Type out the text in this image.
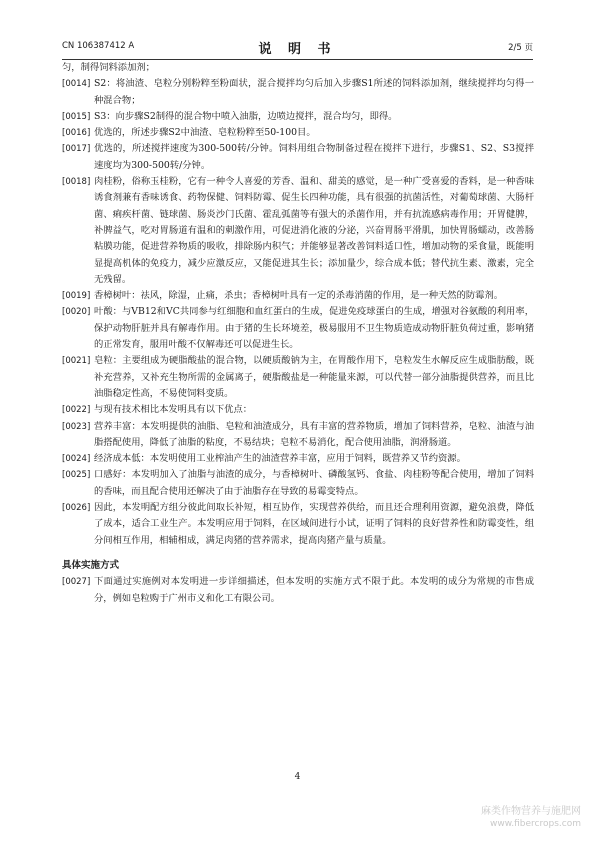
CN 106387412 A	说 明 书	2/5 页
匀，制得饲料添加剂；
[0014] S2：将油渣、皂粒分别粉粹至粉面状，混合搅拌均匀后加入步骤S1所述的饲料添加剂，继续搅拌均匀得一种混合物；
[0015] S3：向步骤S2制得的混合物中喷入油脂，边喷边搅拌，混合均匀，即得。
[0016] 优选的，所述步骤S2中油渣、皂粒粉粹至50-100目。
[0017] 优选的，所述搅拌速度为300-500转/分钟。饲料用组合物制备过程在搅拌下进行，步骤S1、S2、S3搅拌速度均为300-500转/分钟。
[0018] 肉桂粉，俗称玉桂粉，它有一种令人喜爱的芳香、温和、甜美的感觉，是一种广受喜爱的香料，是一种香味诱食剂兼有香味诱食、药物保健、饲料防霉、促生长四种功能，具有很强的抗菌活性，对葡萄球菌、大肠杆菌、痢疾杆菌、链球菌、肠炎沙门氏菌、霍乱弧菌等有强大的杀菌作用，并有抗流感病毒作用；开胃健脾，补脾益气，吃对胃肠道有温和的刺激作用，可促进消化液的分泌，兴奋胃肠平滑肌，加快胃肠蠕动，改善肠粘膜功能，促进营养物质的吸收，排除肠内积气；并能够显著改善饲料适口性，增加动物的采食量，既能明显提高机体的免疫力，减少应激反应，又能促进其生长；添加量少，综合成本低；替代抗生素、激素，完全无残留。
[0019] 香樟树叶：祛风，除湿，止痛，杀虫；香樟树叶具有一定的杀毒消菌的作用，是一种天然的防霉剂。
[0020] 叶酸：与VB12和VC共同参与红细胞和血红蛋白的生成，促进免疫球蛋白的生成，增强对谷氨酸的利用率，保护动物肝脏并具有解毒作用。由于猪的生长环境差，极易服用不卫生物质造成动物肝脏负荷过重，影响猪的正常发育，服用叶酸不仅解毒还可以促进生长。
[0021] 皂粒：主要组成为硬脂酸盐的混合物，以硬质酸钠为主，在胃酸作用下，皂粒发生水解反应生成脂肪酸，既补充营养，又补充生物所需的金属离子，硬脂酸盐是一种能量来源，可以代替一部分油脂提供营养，而且比油脂稳定性高，不易使饲料变质。
[0022] 与现有技术相比本发明具有以下优点：
[0023] 营养丰富：本发明提供的油脂、皂粒和油渣成分，具有丰富的营养物质，增加了饲料营养，皂粒、油渣与油脂搭配使用，降低了油脂的粘度，不易结块；皂粒不易消化，配合使用油脂，润滑肠道。
[0024] 经济成本低：本发明使用工业榨油产生的油渣营养丰富，应用于饲料，既营养又节约资源。
[0025] 口感好：本发明加入了油脂与油渣的成分，与香樟树叶、磷酸氢钙、食盐、肉桂粉等配合使用，增加了饲料的香味，而且配合使用还解决了由于油脂存在导致的易霉变特点。
[0026] 因此，本发明配方组分彼此间取长补短，相互协作，实现营养供给，而且还合理利用资源，避免浪费，降低了成本，适合工业生产。本发明应用于饲料，在区域间进行小试，证明了饲料的良好营养性和防霉变性，组分间相互作用，相辅相成，满足肉猪的营养需求，提高肉猪产量与质量。
具体实施方式
[0027] 下面通过实施例对本发明进一步详细描述，但本发明的实施方式不限于此。本发明的成分为常规的市售成分，例如皂粒购于广州市义和化工有限公司。
4
麻类作物营养与施肥网
www.fibercrops.com
